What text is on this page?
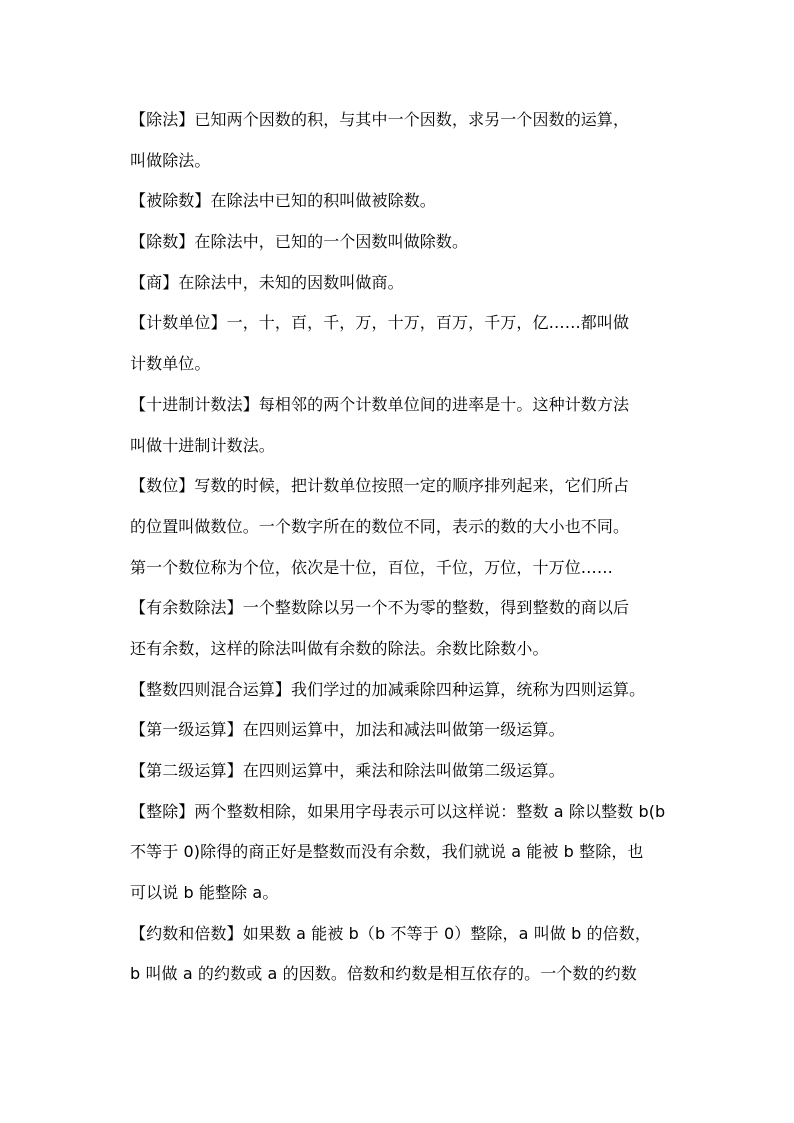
【除法】已知两个因数的积，与其中一个因数，求另一个因数的运算，
叫做除法。
【被除数】在除法中已知的积叫做被除数。
【除数】在除法中，已知的一个因数叫做除数。
【商】在除法中，未知的因数叫做商。
【计数单位】一，十，百，千，万，十万，百万，千万，亿……都叫做
计数单位。
【十进制计数法】每相邻的两个计数单位间的进率是十。这种计数方法
叫做十进制计数法。
【数位】写数的时候，把计数单位按照一定的顺序排列起来，它们所占
的位置叫做数位。一个数字所在的数位不同，表示的数的大小也不同。
第一个数位称为个位，依次是十位，百位，千位，万位，十万位……
【有余数除法】一个整数除以另一个不为零的整数，得到整数的商以后
还有余数，这样的除法叫做有余数的除法。余数比除数小。
【整数四则混合运算】我们学过的加减乘除四种运算，统称为四则运算。
【第一级运算】在四则运算中，加法和减法叫做第一级运算。
【第二级运算】在四则运算中，乘法和除法叫做第二级运算。
【整除】两个整数相除，如果用字母表示可以这样说：整数 a 除以整数 b(b
不等于 0)除得的商正好是整数而没有余数，我们就说 a 能被 b 整除，也
可以说 b 能整除 a。
【约数和倍数】如果数 a 能被 b（b 不等于 0）整除，a 叫做 b 的倍数，
b 叫做 a 的约数或 a 的因数。倍数和约数是相互依存的。一个数的约数
